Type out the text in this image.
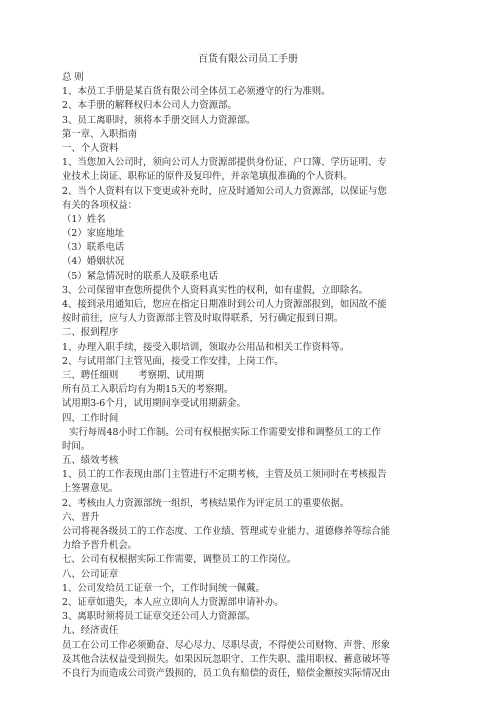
百货有限公司员工手册
总 则
1、本员工手册是某百货有限公司全体员工必须遵守的行为准则。
2、本手册的解释权归本公司人力资源部。
3、员工离职时，须将本手册交回人力资源部。
第一章、入职指南
一、个人资料
1、当您加入公司时，须向公司人力资源部提供身份证、户口簿、学历证明、专
业技术上岗证、职称证的原件及复印件，并亲笔填报准确的个人资料。
2、当个人资料有以下变更或补充时，应及时通知公司人力资源部，以保证与您
有关的各项权益：
（1）姓名
（2）家庭地址
（3）联系电话
（4）婚姻状况
（5）紧急情况时的联系人及联系电话
3、公司保留审查您所提供个人资料真实性的权利，如有虚假，立即除名。
4、接到录用通知后，您应在指定日期准时到公司人力资源部报到，如因故不能
按时前往，应与人力资源部主管及时取得联系，另行确定报到日期。
二、报到程序
1、办理入职手续，接受入职培训，领取办公用品和相关工作资料等。
2、与试用部门主管见面，接受工作安排，上岗工作。
三、聘任细则 考察期、试用期
所有员工入职后均有为期15天的考察期。
试用期3-6个月，试用期间享受试用期薪金。
四、工作时间
实行每周48小时工作制。公司有权根据实际工作需要安排和调整员工的工作
时间。
五、绩效考核
1、员工的工作表现由部门主管进行不定期考核，主管及员工须同时在考核报告
上签署意见。
2、考核由人力资源部统一组织，考核结果作为评定员工的重要依据。
六、晋升
公司将视各级员工的工作态度、工作业绩、管理或专业能力、道德修养等综合能
力给予晋升机会。
七、公司有权根据实际工作需要，调整员工的工作岗位。
八、公司证章
1、公司发给员工证章一个，工作时间统一佩戴。
2、证章如遗失，本人应立即向人力资源部申请补办。
3、离职时须将员工证章交还公司人力资源部。
九、经济责任
员工在公司工作必须勤奋、尽心尽力、尽职尽责，不得使公司财物、声誉、形象
及其他合法权益受到损失。如果因玩忽职守、工作失职、滥用职权、蓄意破坏等
不良行为而造成公司资产毁损的，员工负有赔偿的责任，赔偿金额按实际情况由
